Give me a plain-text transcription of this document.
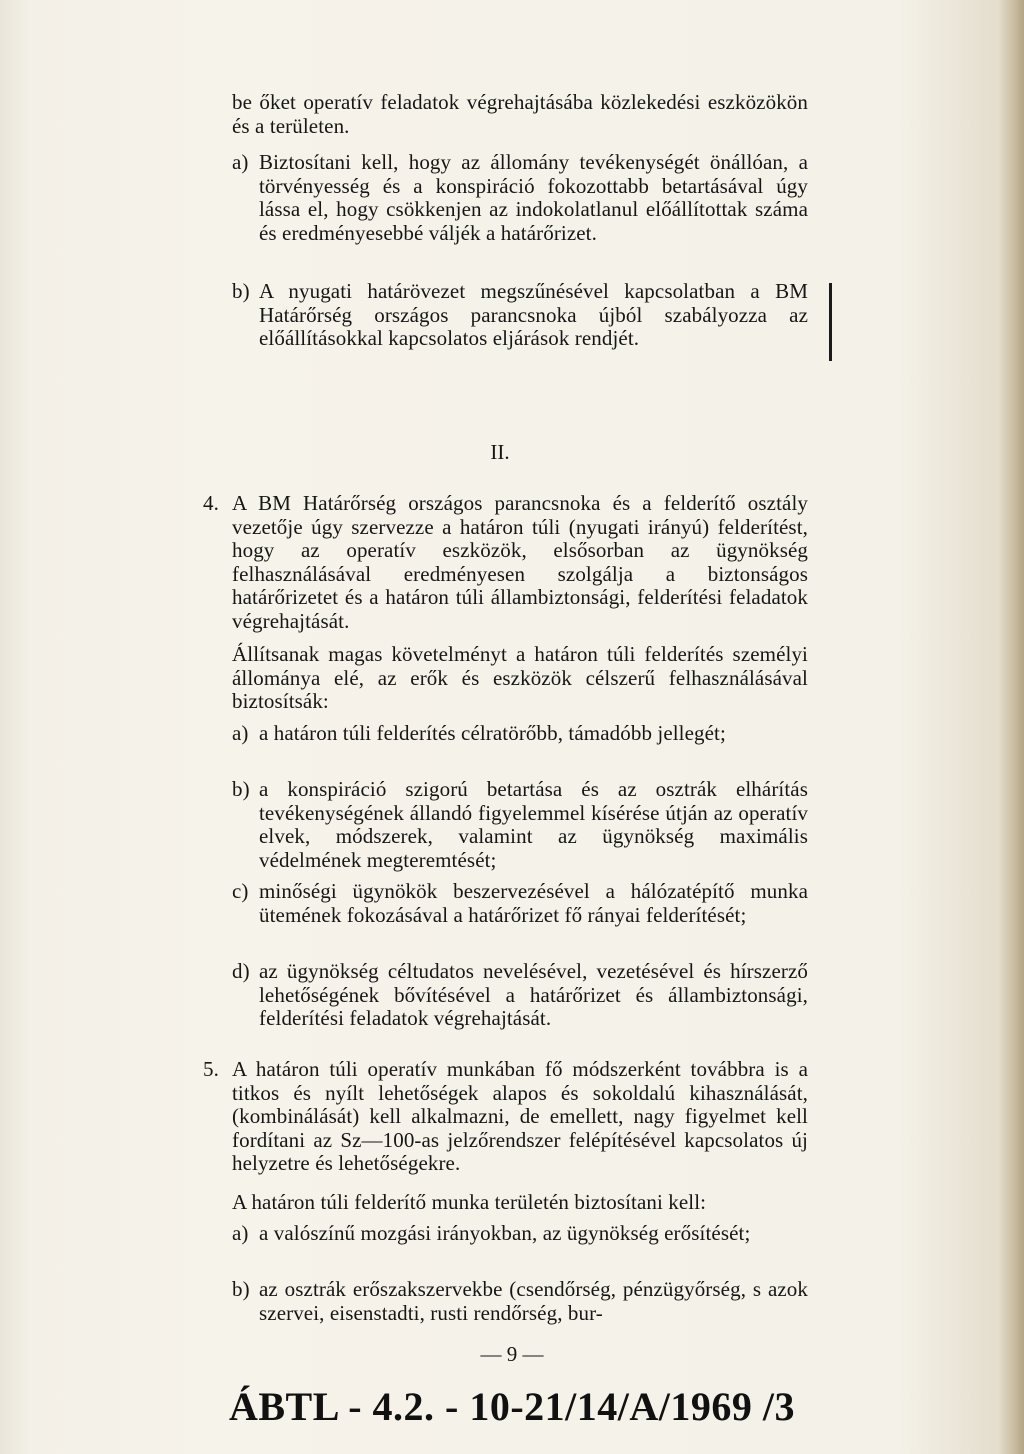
be őket operatív feladatok végrehajtásába közlekedési eszközökön és a területen.
a) Biztosítani kell, hogy az állomány tevékenységét önállóan, a törvényesség és a konspiráció fokozottabb betartásával úgy lássa el, hogy csökkenjen az indokolatlanul előállítottak száma és eredményesebbé váljék a határőrizet.
b) A nyugati határövezet megszűnésével kapcsolatban a BM Határőrség országos parancsnoka újból szabályozza az előállításokkal kapcsolatos eljárások rendjét.
II.
4. A BM Határőrség országos parancsnoka és a felderítő osztály vezetője úgy szervezze a határon túli (nyugati irányú) felderítést, hogy az operatív eszközök, elsősorban az ügynökség felhasználásával eredményesen szolgálja a biztonságos határőrizetet és a határon túli állambiztonsági, felderítési feladatok végrehajtását.
Állítsanak magas követelményt a határon túli felderítés személyi állománya elé, az erők és eszközök célszerű felhasználásával biztosítsák:
a) a határon túli felderítés célratörőbb, támadóbb jellegét;
b) a konspiráció szigorú betartása és az osztrák elhárítás tevékenységének állandó figyelemmel kísérése útján az operatív elvek, módszerek, valamint az ügynökség maximális védelmének megteremtését;
c) minőségi ügynökök beszervezésével a hálózatépítő munka ütemének fokozásával a határőrizet fő rányai felderítését;
d) az ügynökség céltudatos nevelésével, vezetésével és hírszerző lehetőségének bővítésével a határőrizet és állambiztonsági, felderítési feladatok végrehajtását.
5. A határon túli operatív munkában fő módszerként továbbra is a titkos és nyílt lehetőségek alapos és sokoldalú kihasználását, (kombinálását) kell alkalmazni, de emellett, nagy figyelmet kell fordítani az Sz—100-as jelzőrendszer felépítésével kapcsolatos új helyzetre és lehetőségekre.
A határon túli felderítő munka területén biztosítani kell:
a) a valószínű mozgási irányokban, az ügynökség erősítését;
b) az osztrák erőszakszervekbe (csendőrség, pénzügyőrség, s azok szervei, eisenstadti, rusti rendőrség, bur-
— 9 —
ÁBTL - 4.2. - 10-21/14/A/1969 /3
